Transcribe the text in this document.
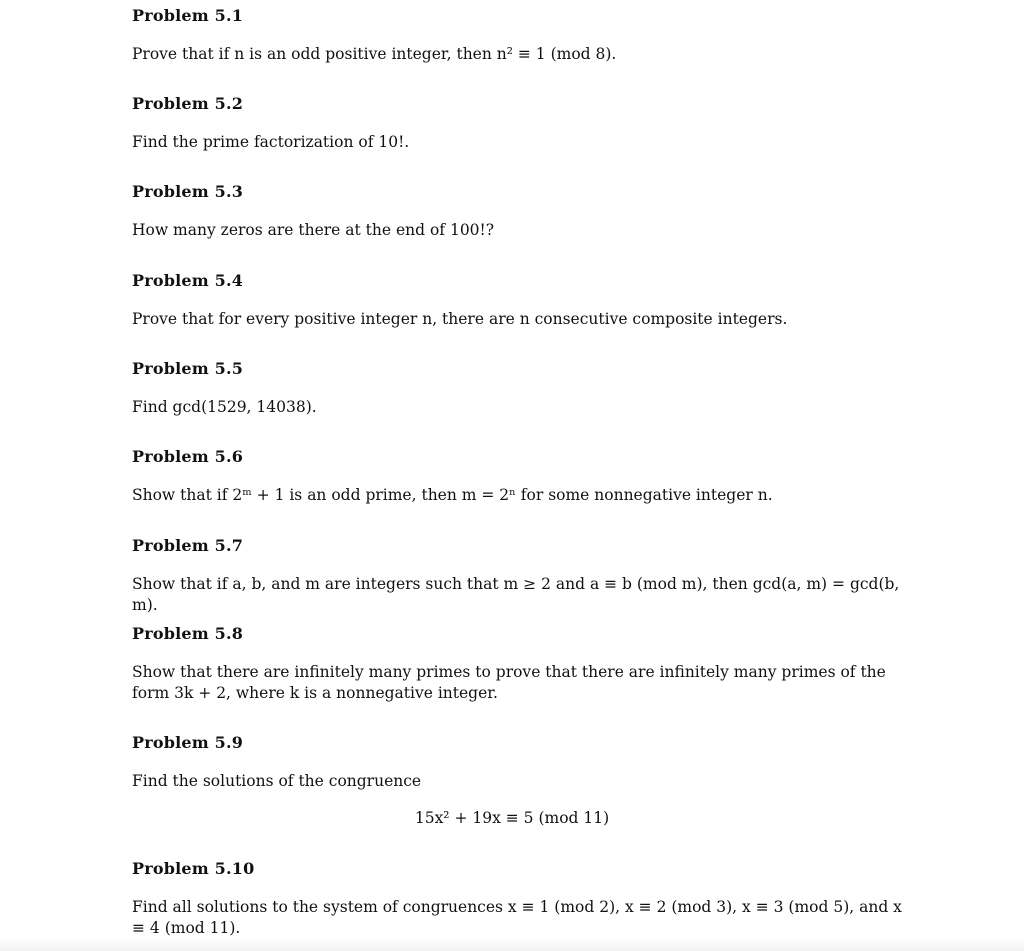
Problem 5.1
Prove that if n is an odd positive integer, then n² ≡ 1 (mod 8).
Problem 5.2
Find the prime factorization of 10!.
Problem 5.3
How many zeros are there at the end of 100!?
Problem 5.4
Prove that for every positive integer n, there are n consecutive composite integers.
Problem 5.5
Find gcd(1529, 14038).
Problem 5.6
Show that if 2ᵐ + 1 is an odd prime, then m = 2ⁿ for some nonnegative integer n.
Problem 5.7
Show that if a, b, and m are integers such that m ≥ 2 and a ≡ b (mod m), then gcd(a, m) = gcd(b, m).
Problem 5.8
Show that there are infinitely many primes to prove that there are infinitely many primes of the form 3k + 2, where k is a nonnegative integer.
Problem 5.9
Find the solutions of the congruence
15x² + 19x ≡ 5 (mod 11)
Problem 5.10
Find all solutions to the system of congruences x ≡ 1 (mod 2), x ≡ 2 (mod 3), x ≡ 3 (mod 5), and x ≡ 4 (mod 11).
